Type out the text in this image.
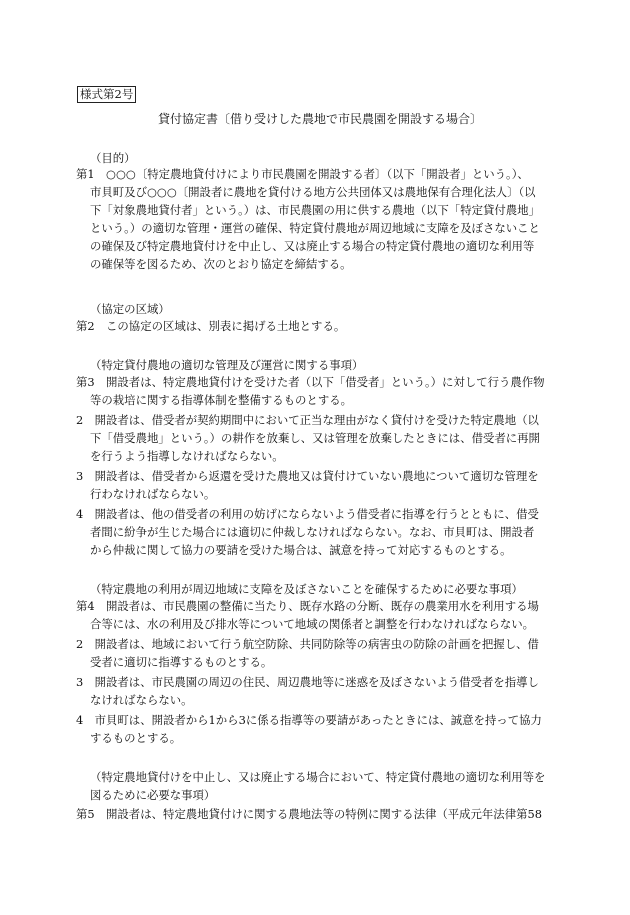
様式第2号
貸付協定書〔借り受けした農地で市民農園を開設する場合〕
（目的）
第1　○○○〔特定農地貸付けにより市民農園を開設する者〕（以下「開設者」という。）、
市貝町及び○○○〔開設者に農地を貸付ける地方公共団体又は農地保有合理化法人〕（以
下「対象農地貸付者」という。）は、市民農園の用に供する農地（以下「特定貸付農地」
という。）の適切な管理・運営の確保、特定貸付農地が周辺地域に支障を及ぼさないこと
の確保及び特定農地貸付けを中止し、又は廃止する場合の特定貸付農地の適切な利用等
の確保等を図るため、次のとおり協定を締結する。
（協定の区域）
第2　この協定の区域は、別表に掲げる土地とする。
（特定貸付農地の適切な管理及び運営に関する事項）
第3　開設者は、特定農地貸付けを受けた者（以下「借受者」という。）に対して行う農作物
等の栽培に関する指導体制を整備するものとする。
2　開設者は、借受者が契約期間中において正当な理由がなく貸付けを受けた特定農地（以
下「借受農地」という。）の耕作を放棄し、又は管理を放棄したときには、借受者に再開
を行うよう指導しなければならない。
3　開設者は、借受者から返還を受けた農地又は貸付けていない農地について適切な管理を
行わなければならない。
4　開設者は、他の借受者の利用の妨げにならないよう借受者に指導を行うとともに、借受
者間に紛争が生じた場合には適切に仲裁しなければならない。なお、市貝町は、開設者
から仲裁に関して協力の要請を受けた場合は、誠意を持って対応するものとする。
（特定農地の利用が周辺地域に支障を及ぼさないことを確保するために必要な事項）
第4　開設者は、市民農園の整備に当たり、既存水路の分断、既存の農業用水を利用する場
合等には、水の利用及び排水等について地域の関係者と調整を行わなければならない。
2　開設者は、地域において行う航空防除、共同防除等の病害虫の防除の計画を把握し、借
受者に適切に指導するものとする。
3　開設者は、市民農園の周辺の住民、周辺農地等に迷惑を及ぼさないよう借受者を指導し
なければならない。
4　市貝町は、開設者から1から3に係る指導等の要請があったときには、誠意を持って協力
するものとする。
（特定農地貸付けを中止し、又は廃止する場合において、特定貸付農地の適切な利用等を
図るために必要な事項）
第5　開設者は、特定農地貸付けに関する農地法等の特例に関する法律（平成元年法律第58
